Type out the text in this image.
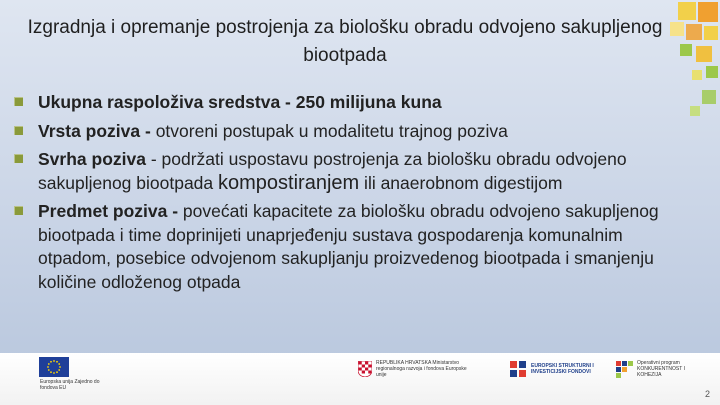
Izgradnja i opremanje postrojenja za biološku obradu odvojeno sakupljenog biootpada
Ukupna raspoloživa sredstva - 250 milijuna kuna
Vrsta poziva - otvoreni postupak u modalitetu trajnog poziva
Svrha poziva - podržati uspostavu postrojenja za biološku obradu odvojeno sakupljenog biootpada kompostiranjem ili anaerobnom digestijom
Predmet poziva - povećati kapacitete za biološku obradu odvojeno sakupljenog biootpada i time doprinijeti unaprjeđenju sustava gospodarenja komunalnim otpadom, posebice odvojenom sakupljanju proizvedenog biootpada i smanjenju količine odloženog otpada
Europska unija Zajedno do fondova EU
REPUBLIKA HRVATSKA Ministarstvo regionalnoga razvoja i fondova Europske unije
EUROPSKI STRUKTURNI I INVESTICIJSKI FONDOVI
Operativni program KONKURENTNOST I KOHEZIJA
2
